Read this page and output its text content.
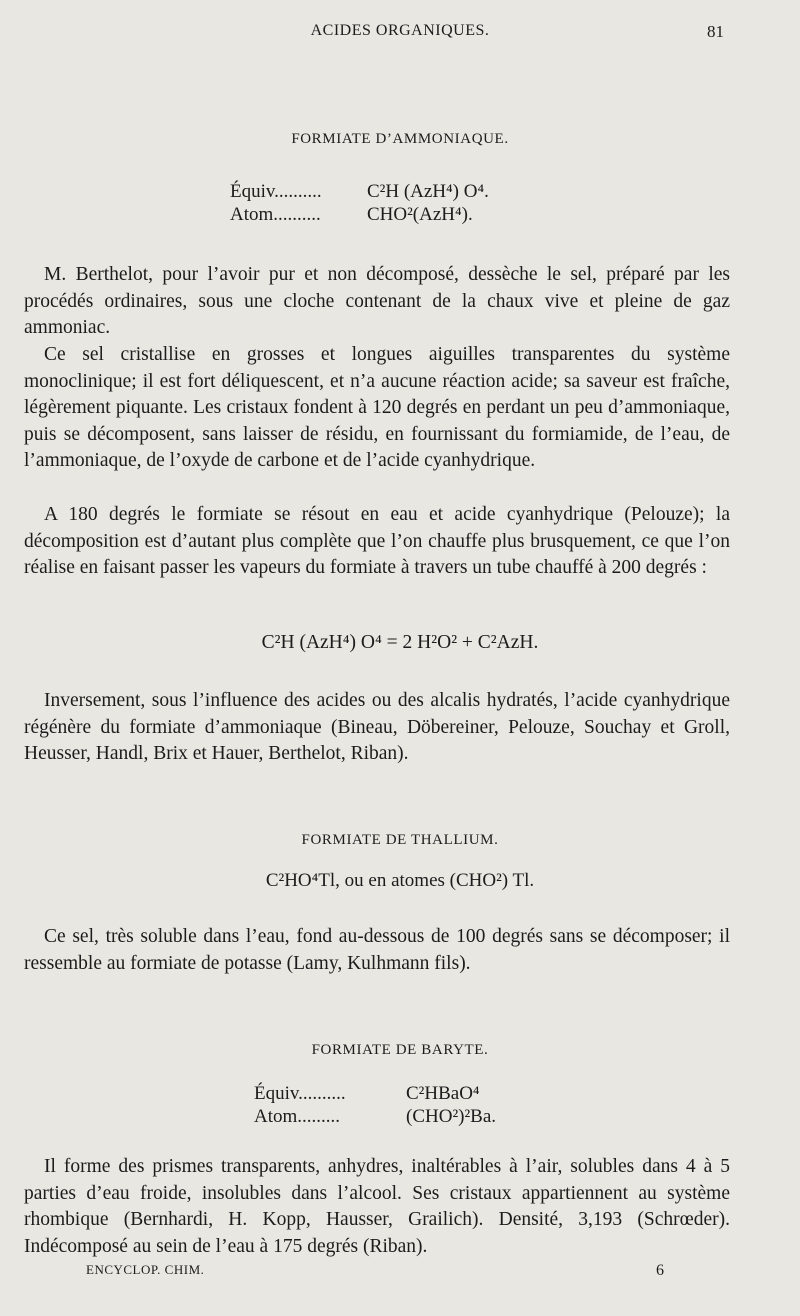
ACIDES ORGANIQUES.	81
FORMIATE D’AMMONIAQUE.
Équiv.......... C²H (AzH⁴) O⁴.
Atom.......... CHO²(AzH⁴).

M. Berthelot, pour l’avoir pur et non décomposé, dessèche le sel, préparé par les procédés ordinaires, sous une cloche contenant de la chaux vive et pleine de gaz ammoniac.

Ce sel cristallise en grosses et longues aiguilles transparentes du système monoclinique; il est fort déliquescent, et n’a aucune réaction acide; sa saveur est fraîche, légèrement piquante. Les cristaux fondent à 120 degrés en perdant un peu d’ammoniaque, puis se décomposent, sans laisser de résidu, en fournissant du formiamide, de l’eau, de l’ammoniaque, de l’oxyde de carbone et de l’acide cyanhydrique.

A 180 degrés le formiate se résout en eau et acide cyanhydrique (Pelouze); la décomposition est d’autant plus complète que l’on chauffe plus brusquement, ce que l’on réalise en faisant passer les vapeurs du formiate à travers un tube chauffé à 200 degrés :

C²H (AzH⁴) O⁴ = 2 H²O² + C²AzH.

Inversement, sous l’influence des acides ou des alcalis hydratés, l’acide cyanhydrique régénère du formiate d’ammoniaque (Bineau, Döbereiner, Pelouze, Souchay et Groll, Heusser, Handl, Brix et Hauer, Berthelot, Riban).

FORMIATE DE THALLIUM.
C²HO⁴Tl, ou en atomes (CHO²) Tl.

Ce sel, très soluble dans l’eau, fond au-dessous de 100 degrés sans se décomposer; il ressemble au formiate de potasse (Lamy, Kulhmann fils).

FORMIATE DE BARYTE.
Équiv..........	C²HBaO⁴
Atom.........	(CHO²)²Ba.

Il forme des prismes transparents, anhydres, inaltérables à l’air, solubles dans 4 à 5 parties d’eau froide, insolubles dans l’alcool. Ses cristaux appartiennent au système rhombique (Bernhardi, H. Kopp, Hausser, Grailich). Densité, 3,193 (Schrœder). Indécomposé au sein de l’eau à 175 degrés (Riban).

ENCYCLOP. CHIM.	6
